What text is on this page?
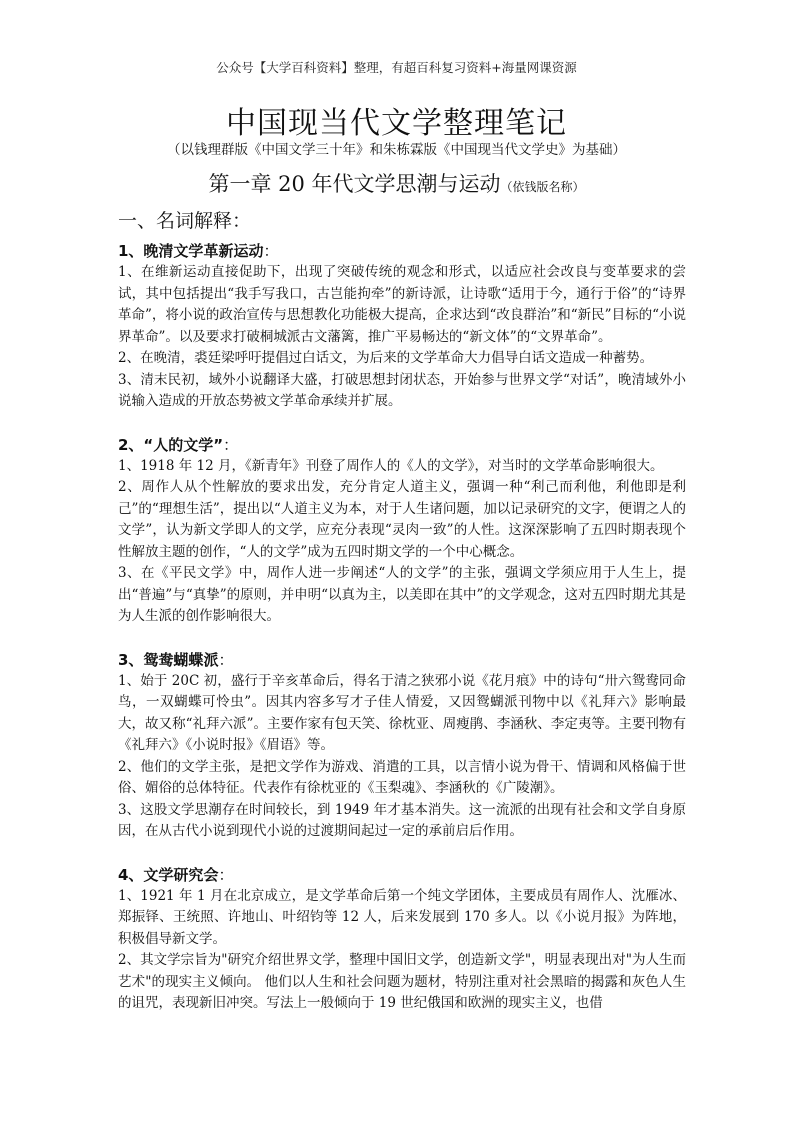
公众号【大学百科资料】整理，有超百科复习资料+海量网课资源
中国现当代文学整理笔记
（以钱理群版《中国文学三十年》和朱栋霖版《中国现当代文学史》为基础）
第一章 20 年代文学思潮与运动（依钱版名称）
一、名词解释：
1、晚清文学革新运动：

1、在维新运动直接促助下，出现了突破传统的观念和形式，以适应社会改良与变革要求的尝试，其中包括提出“我手写我口，古岂能拘牵”的新诗派，让诗歌“适用于今，通行于俗”的“诗界革命”，将小说的政治宣传与思想教化功能极大提高，企求达到“改良群治”和“新民”目标的“小说界革命”。以及要求打破桐城派古文藩篱，推广平易畅达的“新文体”的“文界革命”。

2、在晚清，裘廷梁呼吁提倡过白话文，为后来的文学革命大力倡导白话文造成一种蓄势。

3、清末民初，域外小说翻译大盛，打破思想封闭状态，开始参与世界文学“对话”，晚清域外小说输入造成的开放态势被文学革命承续并扩展。

2、“人的文学”：

1、1918 年 12 月，《新青年》刊登了周作人的《人的文学》，对当时的文学革命影响很大。

2、周作人从个性解放的要求出发，充分肯定人道主义，强调一种“利己而利他，利他即是利己”的“理想生活”，提出以“人道主义为本，对于人生诸问题，加以记录研究的文字，便谓之人的文学”，认为新文学即人的文学，应充分表现“灵肉一致”的人性。这深深影响了五四时期表现个性解放主题的创作，“人的文学”成为五四时期文学的一个中心概念。

3、在《平民文学》中，周作人进一步阐述“人的文学”的主张，强调文学须应用于人生上，提出“普遍”与“真挚”的原则，并申明“以真为主，以美即在其中”的文学观念，这对五四时期尤其是为人生派的创作影响很大。

3、鸳鸯蝴蝶派：

1、始于 20C 初，盛行于辛亥革命后，得名于清之狭邪小说《花月痕》中的诗句“卅六鸳鸯同命鸟，一双蝴蝶可怜虫”。因其内容多写才子佳人情爱，又因鸳蝴派刊物中以《礼拜六》影响最大，故又称“礼拜六派”。主要作家有包天笑、徐枕亚、周瘦鹃、李涵秋、李定夷等。主要刊物有《礼拜六》《小说时报》《眉语》等。

2、他们的文学主张，是把文学作为游戏、消遣的工具，以言情小说为骨干、情调和风格偏于世俗、媚俗的总体特征。代表作有徐枕亚的《玉梨魂》、李涵秋的《广陵潮》。

3、这股文学思潮存在时间较长，到 1949 年才基本消失。这一流派的出现有社会和文学自身原因，在从古代小说到现代小说的过渡期间起过一定的承前启后作用。

4、文学研究会：

1、1921 年 1 月在北京成立，是文学革命后第一个纯文学团体，主要成员有周作人、沈雁冰、郑振铎、王统照、许地山、叶绍钧等 12 人，后来发展到 170 多人。以《小说月报》为阵地，积极倡导新文学。

2、其文学宗旨为"研究介绍世界文学，整理中国旧文学，创造新文学"，明显表现出对"为人生而艺术"的现实主义倾向。 他们以人生和社会问题为题材，特别注重对社会黑暗的揭露和灰色人生的诅咒，表现新旧冲突。写法上一般倾向于 19 世纪俄国和欧洲的现实主义，也借
